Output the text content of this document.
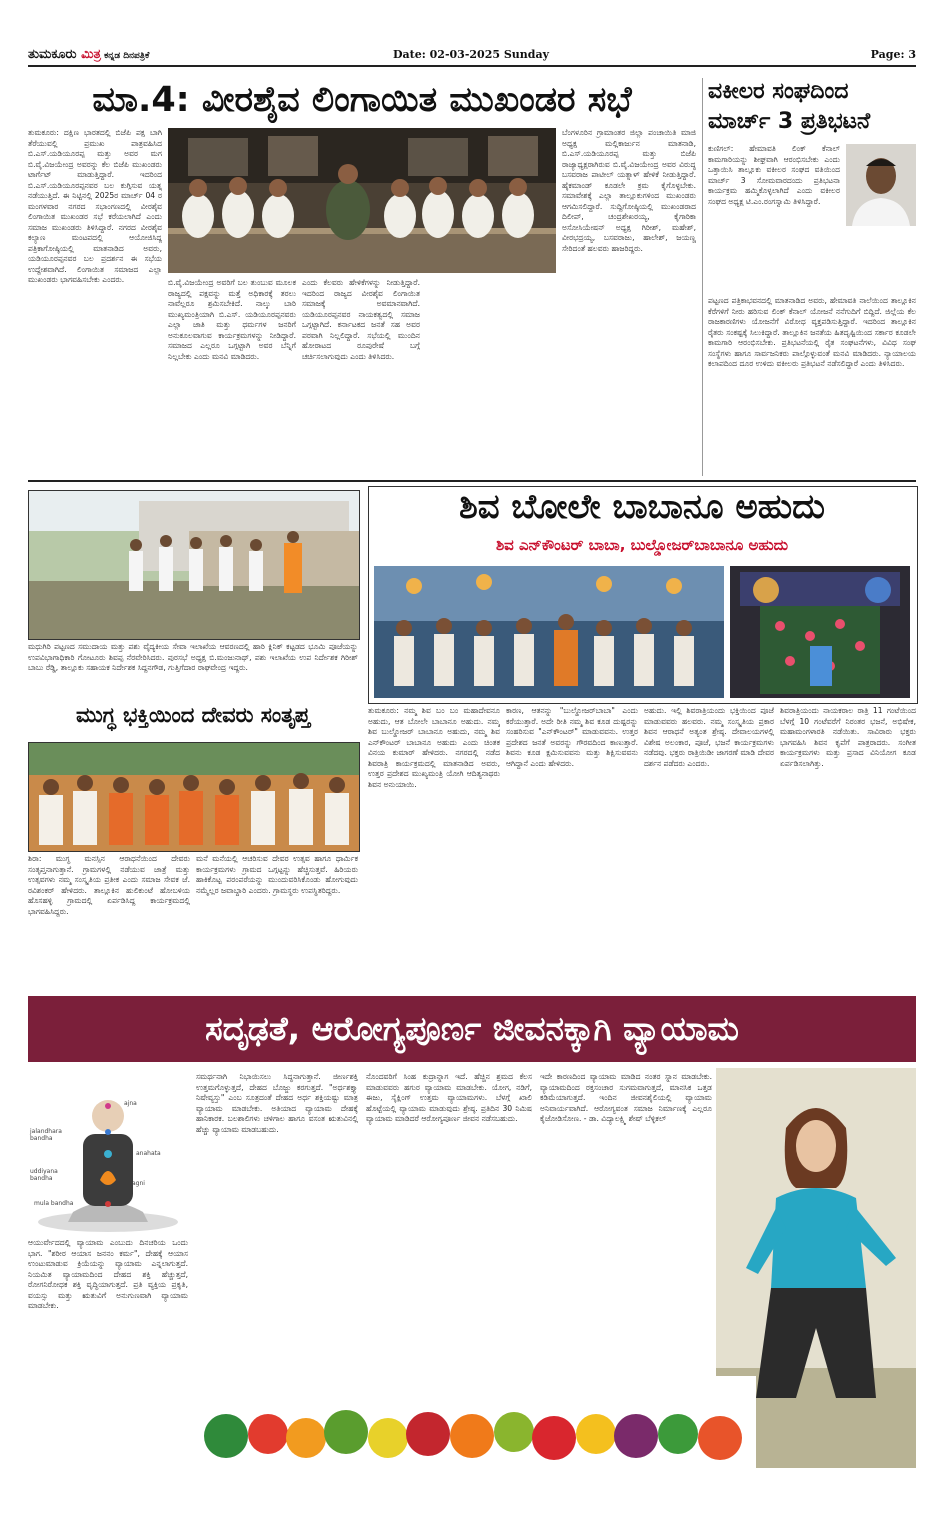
ತುಮಕೂರು ಮಿತ್ರ ಕನ್ನಡ ದಿನಪತ್ರಿಕೆ	Date: 02-03-2025 Sunday	Page: 3
ಮಾ.4: ವೀರಶೈವ ಲಿಂಗಾಯಿತ ಮುಖಂಡರ ಸಭೆ
ತುಮಕೂರು: ದಕ್ಷಿಣ ಭಾರತದಲ್ಲಿ ಬಿಜೆಪಿ ಪಕ್ಷ ಬಾಗಿ ತೆರೆಯುವಲ್ಲಿ ಪ್ರಮುಖ ಪಾತ್ರವಹಿಸಿದ ಬಿ.ಎಸ್.ಯಡಿಯೂರಪ್ಪ ಮತ್ತು ಅವರ ಮಗ ಬಿ.ವೈ.ವಿಜಯೇಂದ್ರ ಅವರನ್ನು ಕೆಲ ಬಿಜೆಪಿ ಮುಖಂಡರು ಟಾರ್ಗೆಟ್ ಮಾಡುತ್ತಿದ್ದಾರೆ. ಇದರಿಂದ ಬಿ.ಎಸ್.ಯಡಿಯೂರಪ್ಪನವರ ಬಲ ಕುಗ್ಗಿಸುವ ಯತ್ನ ನಡೆಯುತ್ತಿದೆ. ಈ ನಿಟ್ಟಿನಲ್ಲಿ 2025ರ ಮಾರ್ಚ್ 04 ರ ಮಂಗಳವಾರ ನಗರದ ಸಭಾಂಗಣದಲ್ಲಿ ವೀರಶೈವ ಲಿಂಗಾಯಿತ ಮುಖಂಡರ ಸಭೆ ಕರೆಯಲಾಗಿದೆ ಎಂದು ಸಮಾಜ ಮುಖಂಡರು ತಿಳಿಸಿದ್ದಾರೆ. ನಗರದ ವೀರಶೈವ ಕಲ್ಯಾಣ ಮಂಟಪದಲ್ಲಿ ಆಯೋಜಿಸಿದ್ದ ಪತ್ರಿಕಾಗೋಷ್ಠಿಯಲ್ಲಿ ಮಾತನಾಡಿದ ಅವರು, ಯಡಿಯೂರಪ್ಪನವರ ಬಲ ಪ್ರದರ್ಶನ ಈ ಸಭೆಯ ಉದ್ದೇಶವಾಗಿದೆ. ಲಿಂಗಾಯಿತ ಸಮಾಜದ ಎಲ್ಲಾ ಮುಖಂಡರು ಭಾಗವಹಿಸಬೇಕು ಎಂದರು.	ಬಿ.ವೈ.ವಿಜಯೇಂದ್ರ ಅವರಿಗೆ ಬಲ ತುಂಬುವ ಮೂಲಕ ರಾಜ್ಯದಲ್ಲಿ ಪಕ್ಷವನ್ನು ಮತ್ತೆ ಅಧಿಕಾರಕ್ಕೆ ತರಲು ನಾವೆಲ್ಲರೂ ಶ್ರಮಿಸಬೇಕಿದೆ. ನಾಲ್ಕು ಬಾರಿ ಮುಖ್ಯಮಂತ್ರಿಯಾಗಿ ಬಿ.ಎಸ್. ಯಡಿಯೂರಪ್ಪನವರು ಎಲ್ಲಾ ಜಾತಿ ಮತ್ತು ಧರ್ಮಗಳ ಜನರಿಗೆ ಅನುಕೂಲವಾಗುವ ಕಾರ್ಯಕ್ರಮಗಳನ್ನು ನೀಡಿದ್ದಾರೆ. ಸಮಾಜದ ಎಲ್ಲರೂ ಒಗ್ಗಟ್ಟಾಗಿ ಅವರ ಬೆನ್ನಿಗೆ ನಿಲ್ಲಬೇಕು ಎಂದು ಮನವಿ ಮಾಡಿದರು.
ಎಂದು ಕೆಲವರು ಹೇಳಿಕೆಗಳನ್ನು ನೀಡುತ್ತಿದ್ದಾರೆ. ಇದರಿಂದ ರಾಜ್ಯದ ವೀರಶೈವ ಲಿಂಗಾಯಿತ ಸಮಾಜಕ್ಕೆ ಅವಮಾನವಾಗಿದೆ. ಯಡಿಯೂರಪ್ಪನವರ ನಾಯಕತ್ವದಲ್ಲಿ ಸಮಾಜ ಒಗ್ಗಟ್ಟಾಗಿದೆ. ಕರ್ನಾಟಕದ ಜನತೆ ಸಹ ಅವರ ಪರವಾಗಿ ನಿಲ್ಲಲಿದ್ದಾರೆ. ಸಭೆಯಲ್ಲಿ ಮುಂದಿನ ಹೋರಾಟದ ರೂಪುರೇಷೆ ಬಗ್ಗೆ ಚರ್ಚಿಸಲಾಗುವುದು ಎಂದು ತಿಳಿಸಿದರು.
ಬೆಂಗಳೂರಿನ ಗ್ರಾಮಾಂತರ ಜಿಲ್ಲಾ ಪಂಚಾಯಿತಿ ಮಾಜಿ ಅಧ್ಯಕ್ಷ ಮಲ್ಲಿಕಾರ್ಜುನ ಮಾತನಾಡಿ, ಬಿ.ಎಸ್.ಯಡಿಯೂರಪ್ಪ ಮತ್ತು ಬಿಜೆಪಿ ರಾಜ್ಯಾಧ್ಯಕ್ಷರಾಗಿರುವ ಬಿ.ವೈ.ವಿಜಯೇಂದ್ರ ಅವರ ವಿರುದ್ಧ ಬಸವರಾಜ ಪಾಟೀಲ್ ಯತ್ನಾಳ್ ಹೇಳಿಕೆ ನೀಡುತ್ತಿದ್ದಾರೆ. ಹೈಕಮಾಂಡ್ ಕೂಡಲೇ ಕ್ರಮ ಕೈಗೊಳ್ಳಬೇಕು. ಸಮಾವೇಶಕ್ಕೆ ಎಲ್ಲಾ ತಾಲ್ಲೂಕುಗಳಿಂದ ಮುಖಂಡರು ಆಗಮಿಸಲಿದ್ದಾರೆ. ಸುದ್ದಿಗೋಷ್ಠಿಯಲ್ಲಿ ಮುಖಂಡರಾದ ದಿಲೀಪ್, ಚಂದ್ರಶೇಖರಯ್ಯ, ಕೈಗಾರಿಕಾ ಅಸೋಸಿಯೇಷನ್ ಅಧ್ಯಕ್ಷ ಗಿರೀಶ್, ಮಹೇಶ್, ವೀರಭದ್ರಯ್ಯ, ಬಸವರಾಜು, ಹಾಲೇಶ್, ಜಯಣ್ಣ ಸೇರಿದಂತೆ ಹಲವರು ಹಾಜರಿದ್ದರು.
ವಕೀಲರ ಸಂಘದಿಂದ
ಮಾರ್ಚ್ 3 ಪ್ರತಿಭಟನೆ
ಕುಣಿಗಲ್: ಹೇಮಾವತಿ ಲಿಂಕ್ ಕೆನಾಲ್ ಕಾಮಗಾರಿಯನ್ನು ಶೀಘ್ರವಾಗಿ ಆರಂಭಿಸಬೇಕು ಎಂದು ಒತ್ತಾಯಿಸಿ ತಾಲ್ಲೂಕು ವಕೀಲರ ಸಂಘದ ವತಿಯಿಂದ ಮಾರ್ಚ್ 3 ಸೋಮವಾರದಂದು ಪ್ರತಿಭಟನಾ ಕಾರ್ಯಕ್ರಮ ಹಮ್ಮಿಕೊಳ್ಳಲಾಗಿದೆ ಎಂದು ವಕೀಲರ ಸಂಘದ ಅಧ್ಯಕ್ಷ ಟಿ.ಎಂ.ರಂಗಸ್ವಾಮಿ ತಿಳಿಸಿದ್ದಾರೆ.
ಪಟ್ಟಣದ ಪತ್ರಿಕಾಭವನದಲ್ಲಿ ಮಾತನಾಡಿದ ಅವರು, ಹೇಮಾವತಿ ನಾಲೆಯಿಂದ ತಾಲ್ಲೂಕಿನ ಕೆರೆಗಳಿಗೆ ನೀರು ಹರಿಸುವ ಲಿಂಕ್ ಕೆನಾಲ್ ಯೋಜನೆ ನನೆಗುದಿಗೆ ಬಿದ್ದಿದೆ. ಜಿಲ್ಲೆಯ ಕೆಲ ರಾಜಕಾರಣಿಗಳು ಯೋಜನೆಗೆ ವಿರೋಧ ವ್ಯಕ್ತಪಡಿಸುತ್ತಿದ್ದಾರೆ. ಇದರಿಂದ ತಾಲ್ಲೂಕಿನ ರೈತರು ಸಂಕಷ್ಟಕ್ಕೆ ಸಿಲುಕಿದ್ದಾರೆ. ತಾಲ್ಲೂಕಿನ ಜನತೆಯ ಹಿತದೃಷ್ಟಿಯಿಂದ ಸರ್ಕಾರ ಕೂಡಲೇ ಕಾಮಗಾರಿ ಆರಂಭಿಸಬೇಕು. ಪ್ರತಿಭಟನೆಯಲ್ಲಿ ರೈತ ಸಂಘಟನೆಗಳು, ವಿವಿಧ ಸಂಘ ಸಂಸ್ಥೆಗಳು ಹಾಗೂ ಸಾರ್ವಜನಿಕರು ಪಾಲ್ಗೊಳ್ಳುವಂತೆ ಮನವಿ ಮಾಡಿದರು. ನ್ಯಾಯಾಲಯ ಕಲಾಪದಿಂದ ದೂರ ಉಳಿದು ವಕೀಲರು ಪ್ರತಿಭಟನೆ ನಡೆಸಲಿದ್ದಾರೆ ಎಂದು ತಿಳಿಸಿದರು.
ಮಧುಗಿರಿ ಪಟ್ಟಣದ ಸಮುದಾಯ ಮತ್ತು ಪಶು ವೈದ್ಯಕೀಯ ಸೇವಾ ಇಲಾಖೆಯ ಆವರಣದಲ್ಲಿ ಹಾರಿ ಕ್ಲಿನಿಕ್ ಕಟ್ಟಡದ ಭೂಮಿ ಪೂಜೆಯನ್ನು ಉಪವಿಭಾಗಾಧಿಕಾರಿ ಗೋಟೂರು ಶಿವಪ್ಪ ನೆರವೇರಿಸಿದರು. ಪುರಸಭೆ ಅಧ್ಯಕ್ಷ ಬಿ.ಮಂಜುನಾಥ್, ಪಶು ಇಲಾಖೆಯ ಉಪ ನಿರ್ದೇಶಕ ಗಿರೀಶ್ ಬಾಬು ರೆಡ್ಡಿ, ತಾಲ್ಲೂಕು ಸಹಾಯಕ ನಿರ್ದೇಶಕ ಸಿದ್ದನಗೌಡ, ಗುತ್ತಿಗೆದಾರ ರಾಘವೇಂದ್ರ ಇದ್ದರು.
ಶಿವ ಬೋಲೇ ಬಾಬಾನೂ ಅಹುದು
ಶಿವ ಎನ್‌ಕೌಂಟರ್ ಬಾಬಾ, ಬುಲ್ಡೋಜರ್‌ಬಾಬಾನೂ ಅಹುದು
ಮುಗ್ಧ ಭಕ್ತಿಯಿಂದ ದೇವರು ಸಂತೃಪ್ತ
ಶಿರಾ: ಮುಗ್ಧ ಮನಸ್ಸಿನ ಆರಾಧನೆಯಿಂದ ದೇವರು ಸಂತೃಪ್ತನಾಗುತ್ತಾನೆ. ಗ್ರಾಮಗಳಲ್ಲಿ ನಡೆಯುವ ಜಾತ್ರೆ ಮತ್ತು ಉತ್ಸವಗಳು ನಮ್ಮ ಸಂಸ್ಕೃತಿಯ ಪ್ರತೀಕ ಎಂದು ಸಮಾಜ ಸೇವಕ ಜೆ. ರವಿಶಂಕರ್ ಹೇಳಿದರು. ತಾಲ್ಲೂಕಿನ ಹುಲಿಕುಂಟೆ ಹೋಬಳಿಯ ಹೊಸಹಳ್ಳಿ ಗ್ರಾಮದಲ್ಲಿ ಏರ್ಪಡಿಸಿದ್ದ ಕಾರ್ಯಕ್ರಮದಲ್ಲಿ ಭಾಗವಹಿಸಿದ್ದರು.
ಮನೆ ಮನೆಯಲ್ಲಿ ಆಚರಿಸುವ ದೇವರ ಉತ್ಸವ ಹಾಗೂ ಧಾರ್ಮಿಕ ಕಾರ್ಯಕ್ರಮಗಳು ಗ್ರಾಮದ ಒಗ್ಗಟ್ಟನ್ನು ಹೆಚ್ಚಿಸುತ್ತವೆ. ಹಿರಿಯರು ಹಾಕಿಕೊಟ್ಟ ಪರಂಪರೆಯನ್ನು ಮುಂದುವರಿಸಿಕೊಂಡು ಹೋಗುವುದು ನಮ್ಮೆಲ್ಲರ ಜವಾಬ್ದಾರಿ ಎಂದರು. ಗ್ರಾಮಸ್ಥರು ಉಪಸ್ಥಿತರಿದ್ದರು.
ತುಮಕೂರು: ನಮ್ಮ ಶಿವ ಬಂ ಬಂ ಮಹಾದೇವನೂ ಅಹುದು, ಆತ ಬೋಲೇ ಬಾಬಾನೂ ಅಹುದು. ನಮ್ಮ ಶಿವ ಬುಲ್ಡೋಜರ್ ಬಾಬಾನೂ ಅಹುದು, ನಮ್ಮ ಶಿವ ಎನ್‌ಕೌಂಟರ್ ಬಾಬಾನೂ ಅಹುದು ಎಂದು ಚಿಂತಕ ವಿನಯ ಕುಮಾರ್ ಹೇಳಿದರು. ನಗರದಲ್ಲಿ ನಡೆದ ಶಿವರಾತ್ರಿ ಕಾರ್ಯಕ್ರಮದಲ್ಲಿ ಮಾತನಾಡಿದ ಅವರು, ಉತ್ತರ ಪ್ರದೇಶದ ಮುಖ್ಯಮಂತ್ರಿ ಯೋಗಿ ಆದಿತ್ಯನಾಥರು ಶಿವನ ಅನುಯಾಯಿ.
ಕಾರಣ, ಆತನನ್ನು "ಬುಲ್ಡೋಜರ್‌ಬಾಬಾ" ಎಂದು ಕರೆಯುತ್ತಾರೆ. ಅದೇ ರೀತಿ ನಮ್ಮ ಶಿವ ಕೂಡ ದುಷ್ಟರನ್ನು ಸಂಹರಿಸುವ "ಎನ್‌ಕೌಂಟರ್" ಮಾಡುವವನು. ಉತ್ತರ ಪ್ರದೇಶದ ಜನತೆ ಅವರನ್ನು ಗೌರವದಿಂದ ಕಾಣುತ್ತಾರೆ. ಶಿವನು ಕೂಡ ಕ್ಷಮಿಸುವವನು ಮತ್ತು ಶಿಕ್ಷಿಸುವವನು ಆಗಿದ್ದಾನೆ ಎಂದು ಹೇಳಿದರು.
ಅಹುದು. ಇಲ್ಲಿ ಶಿವರಾತ್ರಿಯಂದು ಭಕ್ತಿಯಿಂದ ಪೂಜೆ ಮಾಡುವವರು ಹಲವರು. ನಮ್ಮ ಸಂಸ್ಕೃತಿಯ ಪ್ರಕಾರ ಶಿವನ ಆರಾಧನೆ ಅತ್ಯಂತ ಶ್ರೇಷ್ಠ. ದೇವಾಲಯಗಳಲ್ಲಿ ವಿಶೇಷ ಅಲಂಕಾರ, ಪೂಜೆ, ಭಜನೆ ಕಾರ್ಯಕ್ರಮಗಳು ನಡೆದವು. ಭಕ್ತರು ರಾತ್ರಿಯಿಡೀ ಜಾಗರಣೆ ಮಾಡಿ ದೇವರ ದರ್ಶನ ಪಡೆದರು ಎಂದರು.
ಶಿವರಾತ್ರಿಯಂದು ನಾಯಕರಾಲ ರಾತ್ರಿ 11 ಗಂಟೆಯಿಂದ ಬೆಳಗ್ಗೆ 10 ಗಂಟೆವರೆಗೆ ನಿರಂತರ ಭಜನೆ, ಅಭಿಷೇಕ, ಮಹಾಮಂಗಳಾರತಿ ನಡೆಯಿತು. ಸಾವಿರಾರು ಭಕ್ತರು ಭಾಗವಹಿಸಿ ಶಿವನ ಕೃಪೆಗೆ ಪಾತ್ರರಾದರು. ಸಂಗೀತ ಕಾರ್ಯಕ್ರಮಗಳು ಮತ್ತು ಪ್ರಸಾದ ವಿನಿಯೋಗ ಕೂಡ ಏರ್ಪಡಿಸಲಾಗಿತ್ತು.
ಸದೃಢತೆ, ಆರೋಗ್ಯಪೂರ್ಣ ಜೀವನಕ್ಕಾಗಿ ವ್ಯಾಯಾಮ
ajna
jalandhara bandha
anahata
uddiyana bandha
agni
mula bandha
ಆಯುರ್ವೇದದಲ್ಲಿ ವ್ಯಾಯಾಮ ಎಂಬುದು ದಿನಚರಿಯ ಒಂದು ಭಾಗ. "ಶರೀರ ಆಯಾಸ ಜನನಂ ಕರ್ಮ", ದೇಹಕ್ಕೆ ಆಯಾಸ ಉಂಟುಮಾಡುವ ಕ್ರಿಯೆಯನ್ನು ವ್ಯಾಯಾಮ ಎನ್ನಲಾಗುತ್ತದೆ. ನಿಯಮಿತ ವ್ಯಾಯಾಮದಿಂದ ದೇಹದ ಶಕ್ತಿ ಹೆಚ್ಚುತ್ತದೆ, ರೋಗನಿರೋಧಕ ಶಕ್ತಿ ವೃದ್ಧಿಯಾಗುತ್ತದೆ. ಪ್ರತಿ ವ್ಯಕ್ತಿಯ ಪ್ರಕೃತಿ, ವಯಸ್ಸು ಮತ್ತು ಋತುವಿಗೆ ಅನುಗುಣವಾಗಿ ವ್ಯಾಯಾಮ ಮಾಡಬೇಕು.
ಸಮರ್ಥನಾಗಿ ನಿಭಾಯಿಸಲು ಸಿದ್ಧನಾಗುತ್ತಾನೆ. ಜೀರ್ಣಶಕ್ತಿ ಉತ್ತಮಗೊಳ್ಳುತ್ತದೆ, ದೇಹದ ಬೊಜ್ಜು ಕರಗುತ್ತದೆ. "ಅರ್ಧಶಕ್ತ್ಯಾ ನಿಷೇವ್ಯಸ್ತು" ಎಂಬ ಸೂತ್ರದಂತೆ ದೇಹದ ಅರ್ಧ ಶಕ್ತಿಯಷ್ಟು ಮಾತ್ರ ವ್ಯಾಯಾಮ ಮಾಡಬೇಕು. ಅತಿಯಾದ ವ್ಯಾಯಾಮ ದೇಹಕ್ಕೆ ಹಾನಿಕಾರಕ. ಬಲಶಾಲಿಗಳು ಚಳಿಗಾಲ ಹಾಗೂ ವಸಂತ ಋತುವಿನಲ್ಲಿ ಹೆಚ್ಚು ವ್ಯಾಯಾಮ ಮಾಡಬಹುದು.
ನೊಂದವರಿಗೆ ಸಿಂಹ ಕುದ್ರಾನ್ನಾಗ ಇದೆ. ಹೆಚ್ಚಿನ ಶ್ರಮದ ಕೆಲಸ ಮಾಡುವವರು ಹಗುರ ವ್ಯಾಯಾಮ ಮಾಡಬೇಕು. ಯೋಗ, ನಡಿಗೆ, ಈಜು, ಸೈಕ್ಲಿಂಗ್ ಉತ್ತಮ ವ್ಯಾಯಾಮಗಳು. ಬೆಳಗ್ಗೆ ಖಾಲಿ ಹೊಟ್ಟೆಯಲ್ಲಿ ವ್ಯಾಯಾಮ ಮಾಡುವುದು ಶ್ರೇಷ್ಠ. ಪ್ರತಿದಿನ 30 ನಿಮಿಷ ವ್ಯಾಯಾಮ ಮಾಡಿದರೆ ಆರೋಗ್ಯಪೂರ್ಣ ಜೀವನ ನಡೆಸಬಹುದು.
ಇದೇ ಕಾರಣದಿಂದ ವ್ಯಾಯಾಮ ಮಾಡಿದ ನಂತರ ಸ್ನಾನ ಮಾಡಬೇಕು. ವ್ಯಾಯಾಮದಿಂದ ರಕ್ತಸಂಚಾರ ಸುಗಮವಾಗುತ್ತದೆ, ಮಾನಸಿಕ ಒತ್ತಡ ಕಡಿಮೆಯಾಗುತ್ತದೆ. ಇಂದಿನ ಜೀವನಶೈಲಿಯಲ್ಲಿ ವ್ಯಾಯಾಮ ಅನಿವಾರ್ಯವಾಗಿದೆ. ಆರೋಗ್ಯವಂತ ಸಮಾಜ ನಿರ್ಮಾಣಕ್ಕೆ ಎಲ್ಲರೂ ಕೈಜೋಡಿಸೋಣ. - ಡಾ. ವಿದ್ಯಾಲಕ್ಷ್ಮಿ ಶೇಷ್ ಬೆಳ್ಳಿಕಲ್
